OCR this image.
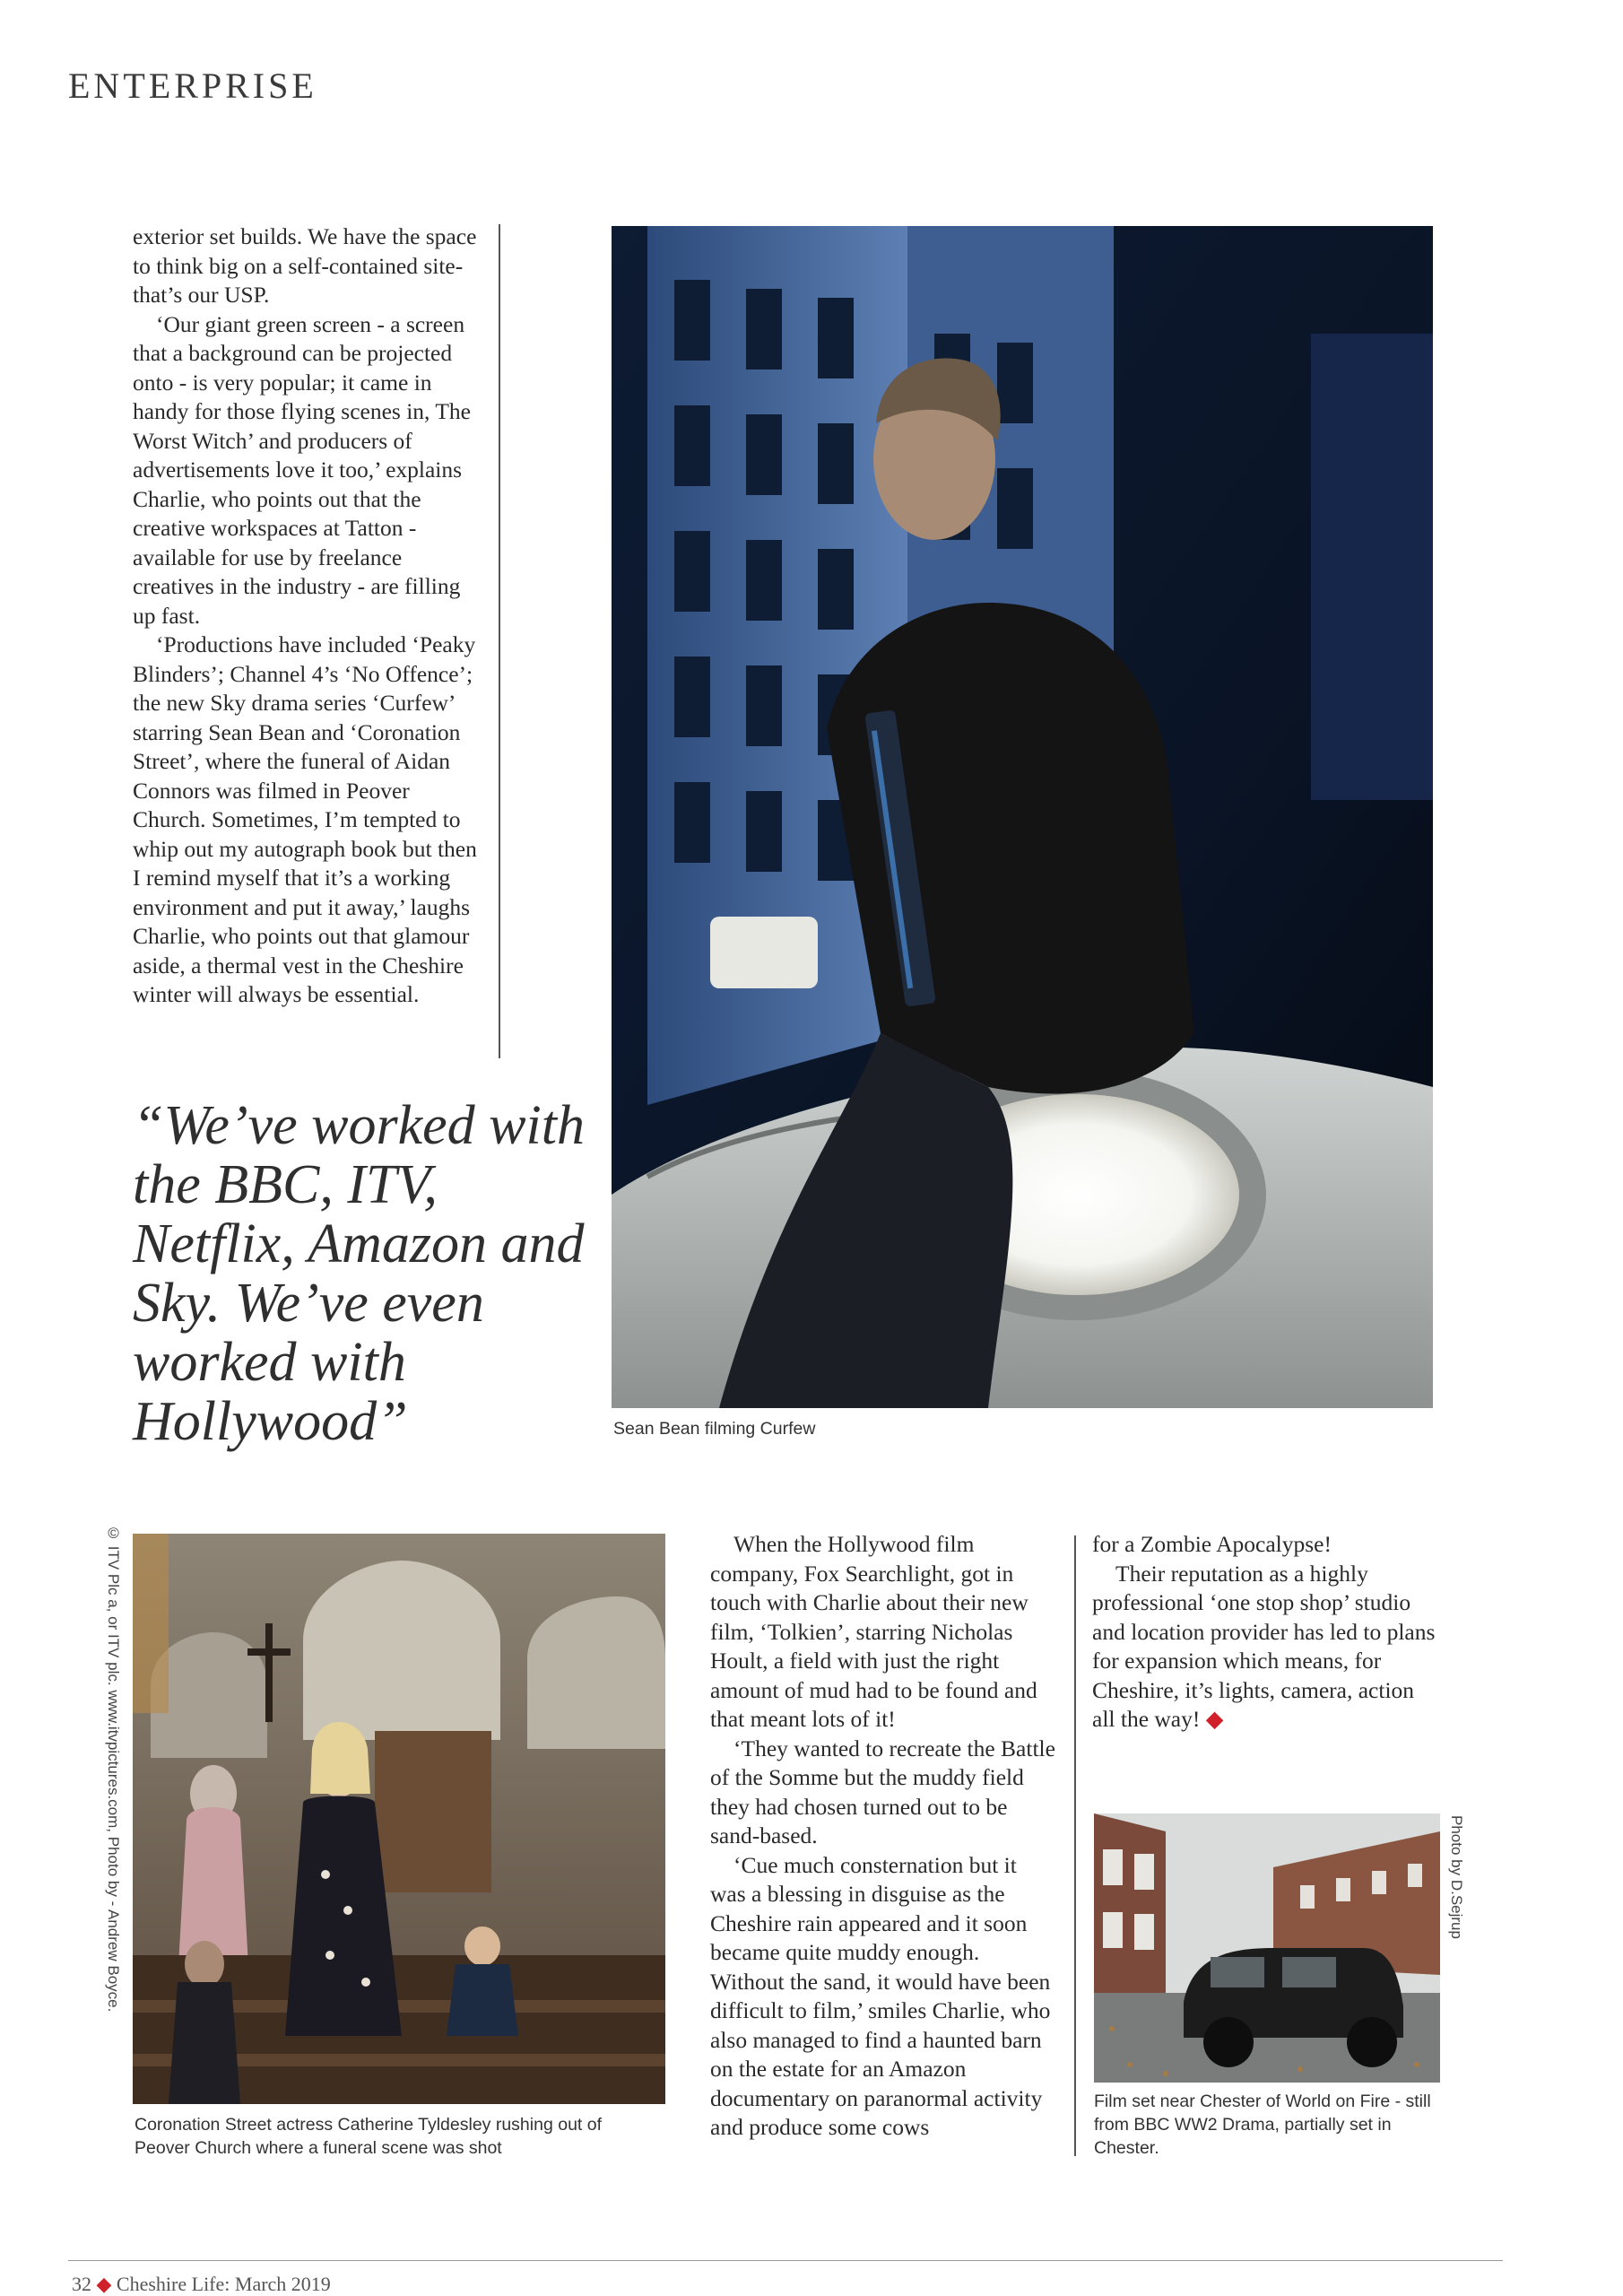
ENTERPRISE

exterior set builds. We have the space to think big on a self-contained site- that’s our USP.

‘Our giant green screen - a screen that a background can be projected onto - is very popular; it came in handy for those flying scenes in, The Worst Witch’ and producers of advertisements love it too,’ explains Charlie, who points out that the creative workspaces at Tatton - available for use by freelance creatives in the industry - are filling up fast.

‘Productions have included ‘Peaky Blinders’; Channel 4’s ‘No Offence’; the new Sky drama series ‘Curfew’ starring Sean Bean and ‘Coronation Street’, where the funeral of Aidan Connors was filmed in Peover Church. Sometimes, I’m tempted to whip out my autograph book but then I remind myself that it’s a working environment and put it away,’ laughs Charlie, who points out that glamour aside, a thermal vest in the Cheshire winter will always be essential.

Sean Bean filming Curfew
“We’ve worked with the BBC, ITV, Netflix, Amazon and Sky. We’ve even worked with Hollywood”
© ITV Plc a, or ITV plc. www.itvpictures.com, Photo by - Andrew Boyce.
Coronation Street actress Catherine Tyldesley rushing out of Peover Church where a funeral scene was shot

When the Hollywood film company, Fox Searchlight, got in touch with Charlie about their new film, ‘Tolkien’, starring Nicholas Hoult, a field with just the right amount of mud had to be found and that meant lots of it!

‘They wanted to recreate the Battle of the Somme but the muddy field they had chosen turned out to be sand-based.

‘Cue much consternation but it was a blessing in disguise as the Cheshire rain appeared and it soon became quite muddy enough. Without the sand, it would have been difficult to film,’ smiles Charlie, who also managed to find a haunted barn on the estate for an Amazon documentary on paranormal activity and produce some cows

for a Zombie Apocalypse!

Their reputation as a highly professional ‘one stop shop’ studio and location provider has led to plans for expansion which means, for Cheshire, it’s lights, camera, action all the way! ◆

Photo by D.Sejrup
Film set near Chester of World on Fire - still from BBC WW2 Drama, partially set in Chester.
32 ◆ Cheshire Life: March 2019
